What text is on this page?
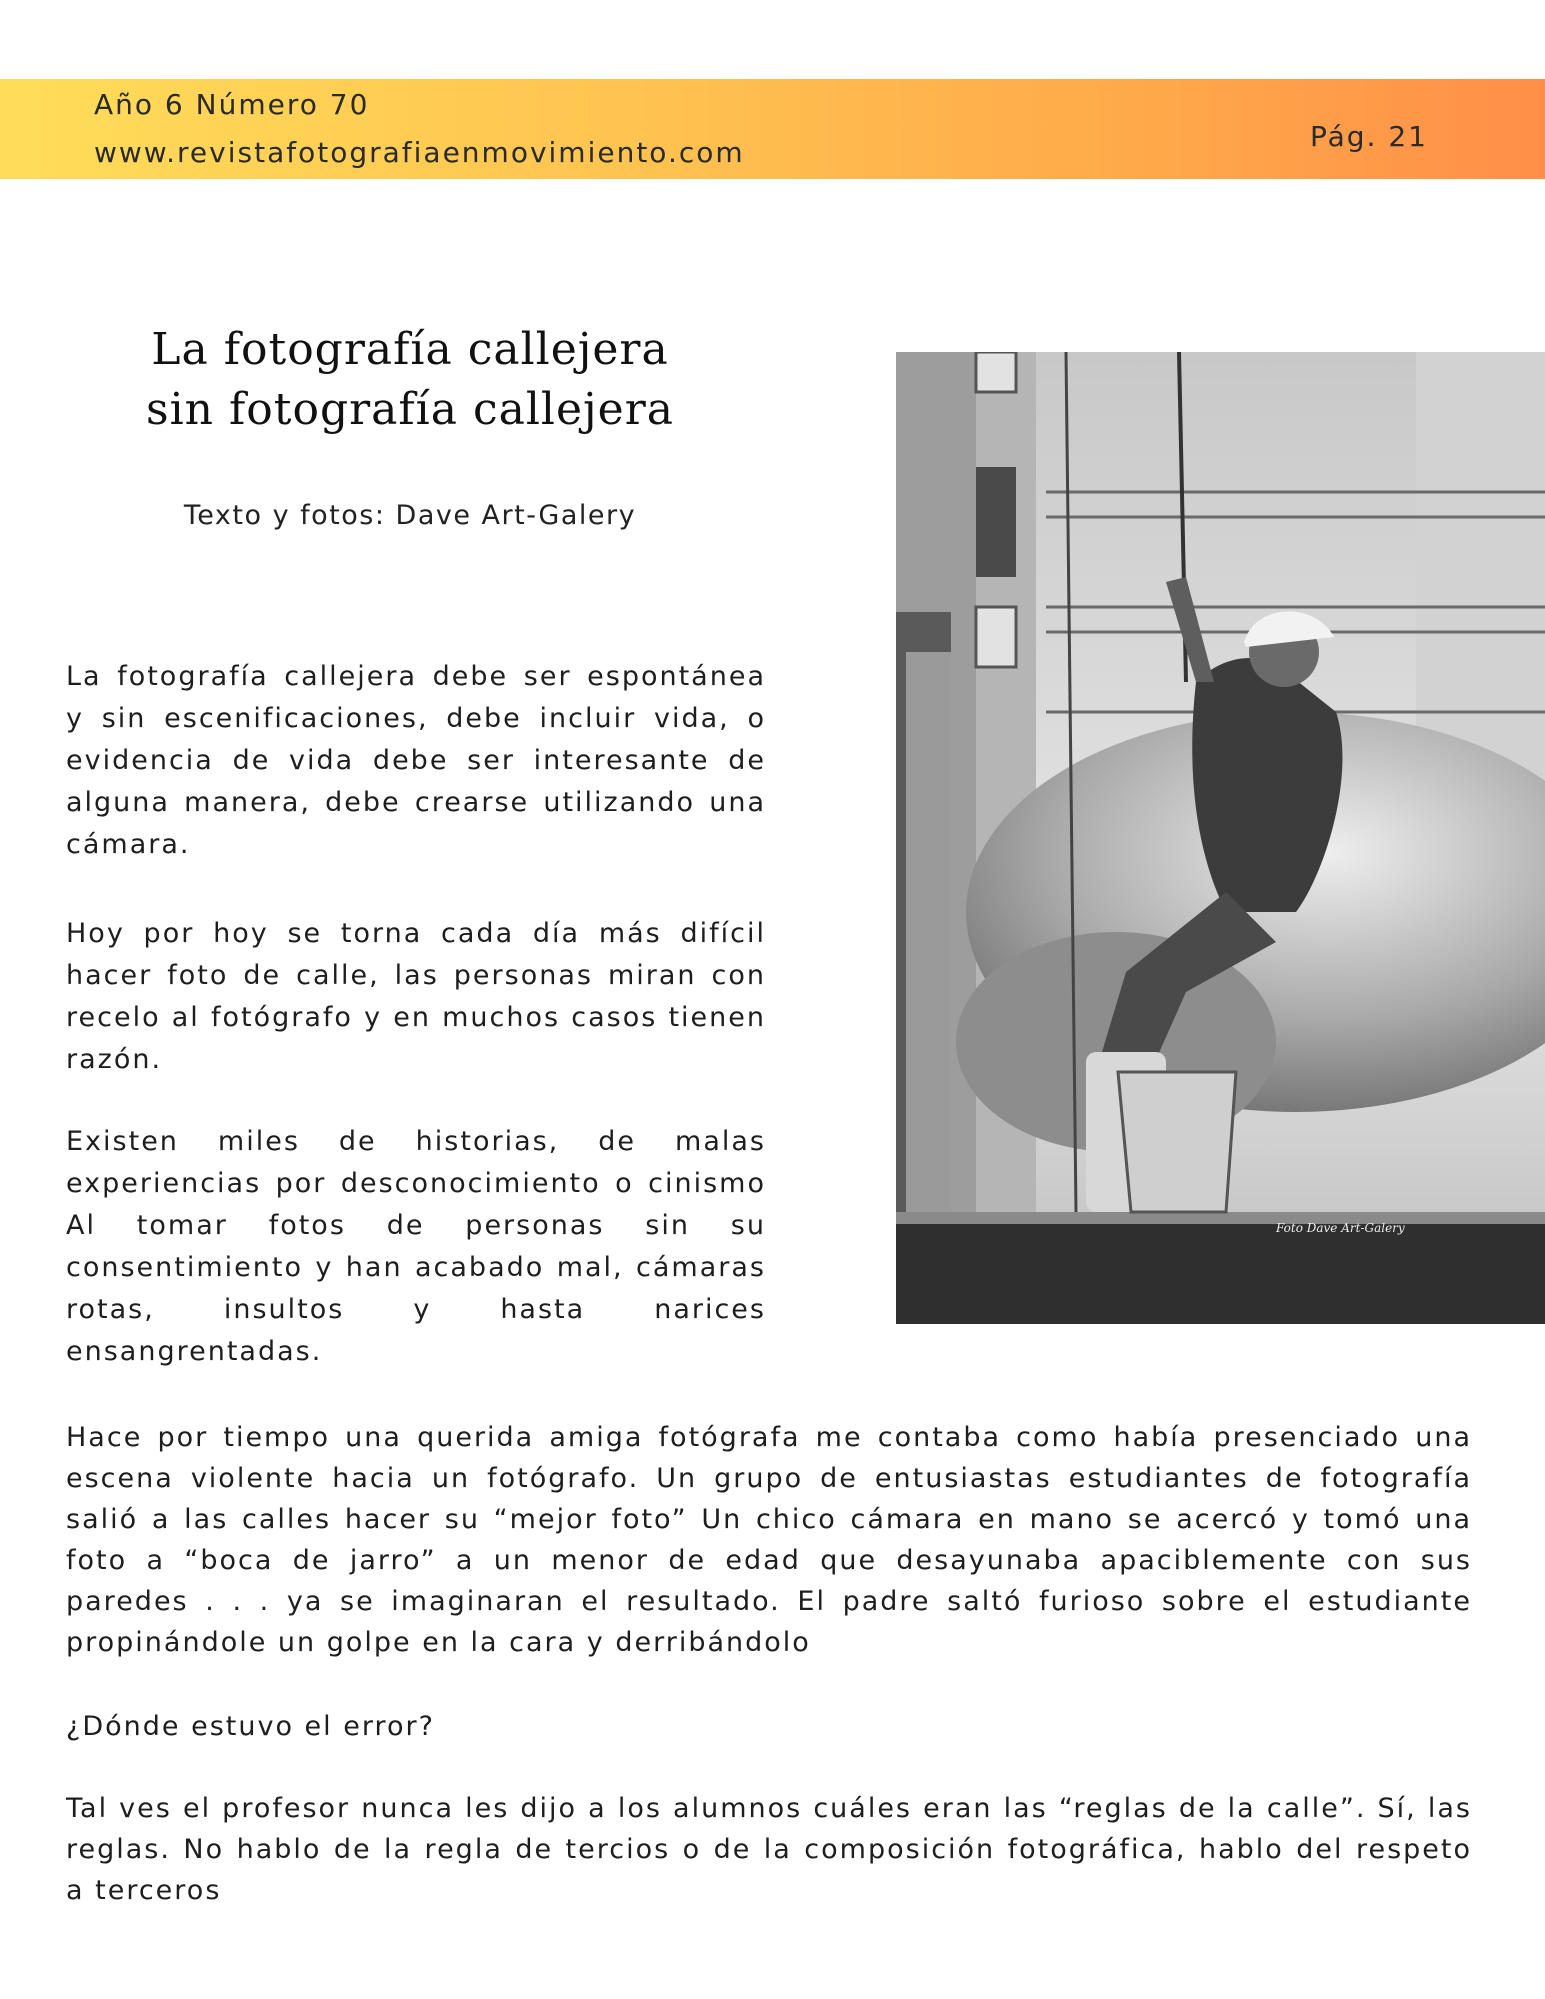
Año 6 Número 70
www.revistafotografiaenmovimiento.com	Pág. 21
La fotografía callejera
sin fotografía callejera
Texto y fotos: Dave Art-Galery

La fotografía callejera debe ser espontánea y sin escenificaciones, debe incluir vida, o evidencia de vida debe ser interesante de alguna manera, debe crearse utilizando una cámara.

Hoy por hoy se torna cada día más difícil hacer foto de calle, las personas miran con recelo al fotógrafo y en muchos casos tienen razón.

Existen miles de historias, de malas experiencias por desconocimiento o cinismo Al tomar fotos de personas sin su consentimiento y han acabado mal, cámaras rotas, insultos y hasta narices ensangrentadas.

Foto Dave Art-Galery

Hace por tiempo una querida amiga fotógrafa me contaba como había presenciado una escena violente hacia un fotógrafo. Un grupo de entusiastas estudiantes de fotografía salió a las calles hacer su “mejor foto” Un chico cámara en mano se acercó y tomó una foto a “boca de jarro” a un menor de edad que desayunaba apaciblemente con sus paredes . . . ya se imaginaran el resultado. El padre saltó furioso sobre el estudiante propinándole un golpe en la cara y derribándolo

¿Dónde estuvo el error?

Tal ves el profesor nunca les dijo a los alumnos cuáles eran las “reglas de la calle”. Sí, las reglas. No hablo de la regla de tercios o de la composición fotográfica, hablo del respeto a terceros
